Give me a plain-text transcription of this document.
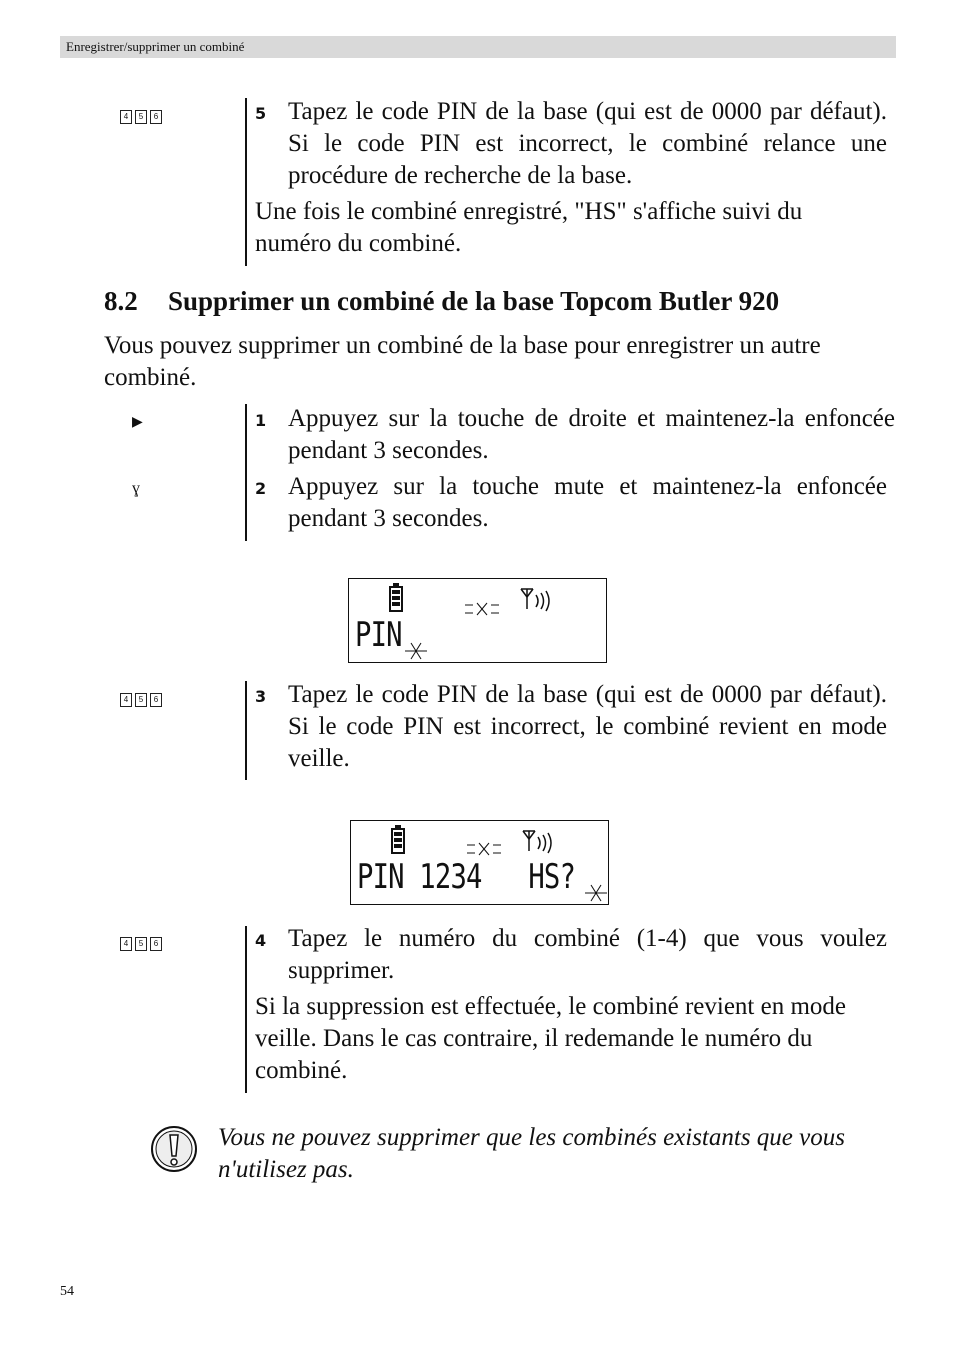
Enregistrer/supprimer un combiné
4	5	6	5 Tapez le code PIN de la base (qui est de 0000 par défaut). Si le code PIN est incorrect, le combiné relance une procédure de recherche de la base.
Une fois le combiné enregistré, "HS" s'affiche suivi du numéro du combiné.
8.2 Supprimer un combiné de la base Topcom Butler 920
Vous pouvez supprimer un combiné de la base pour enregistrer un autre combiné.
▶
ɣ
1 Appuyez sur la touche de droite et maintenez-la enfoncée pendant 3 secondes.
2 Appuyez sur la touche mute et maintenez-la enfoncée pendant 3 secondes.
PIN
4	5	6	3 Tapez le code PIN de la base (qui est de 0000 par défaut). Si le code PIN est incorrect, le combiné revient en mode veille.
PIN 1234   HS?
4	5	6	4 Tapez le numéro du combiné (1-4) que vous voulez supprimer.
Si la suppression est effectuée, le combiné revient en mode veille. Dans le cas contraire, il redemande le numéro du combiné.
Vous ne pouvez supprimer que les combinés existants que vous n'utilisez pas.
54
